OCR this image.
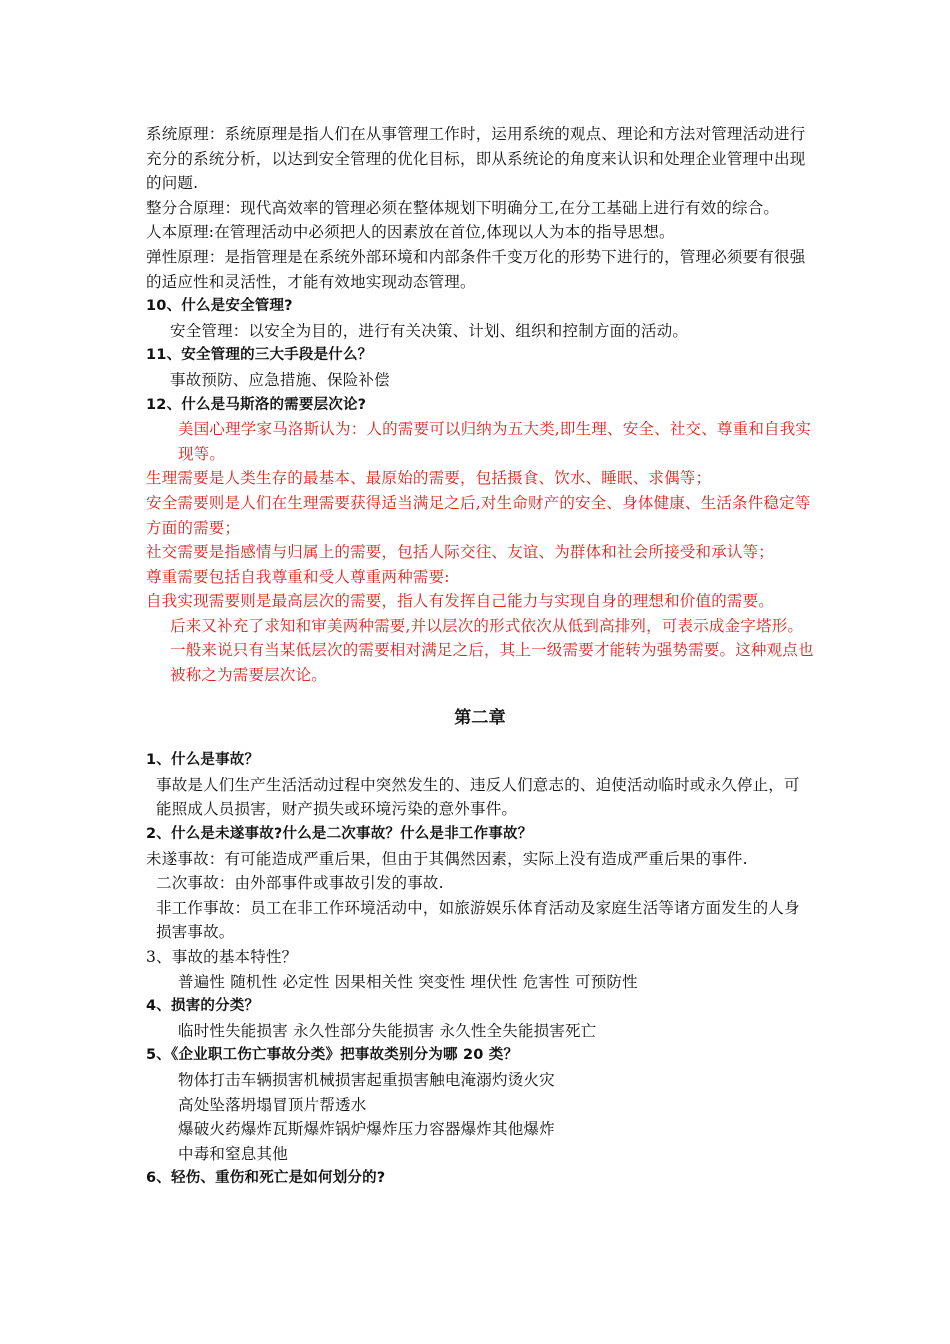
系统原理：系统原理是指人们在从事管理工作时，运用系统的观点、理论和方法对管理活动进行充分的系统分析，以达到安全管理的优化目标，即从系统论的角度来认识和处理企业管理中出现的问题.

整分合原理：现代高效率的管理必须在整体规划下明确分工,在分工基础上进行有效的综合。

人本原理:在管理活动中必须把人的因素放在首位,体现以人为本的指导思想。

弹性原理：是指管理是在系统外部环境和内部条件千变万化的形势下进行的，管理必须要有很强的适应性和灵活性，才能有效地实现动态管理。

10、什么是安全管理?

安全管理：以安全为目的，进行有关决策、计划、组织和控制方面的活动。

11、安全管理的三大手段是什么？

事故预防、应急措施、保险补偿

12、什么是马斯洛的需要层次论?

美国心理学家马洛斯认为：人的需要可以归纳为五大类,即生理、安全、社交、尊重和自我实现等。

生理需要是人类生存的最基本、最原始的需要，包括摄食、饮水、睡眠、求偶等；

安全需要则是人们在生理需要获得适当满足之后,对生命财产的安全、身体健康、生活条件稳定等方面的需要；

社交需要是指感情与归属上的需要，包括人际交往、友谊、为群体和社会所接受和承认等；

尊重需要包括自我尊重和受人尊重两种需要:

自我实现需要则是最高层次的需要，指人有发挥自己能力与实现自身的理想和价值的需要。

后来又补充了求知和审美两种需要,并以层次的形式依次从低到高排列，可表示成金字塔形。一般来说只有当某低层次的需要相对满足之后，其上一级需要才能转为强势需要。这种观点也被称之为需要层次论。

第二章

1、什么是事故？

事故是人们生产生活活动过程中突然发生的、违反人们意志的、迫使活动临时或永久停止，可能照成人员损害，财产损失或环境污染的意外事件。

2、什么是未遂事故?什么是二次事故？什么是非工作事故？

未遂事故：有可能造成严重后果，但由于其偶然因素，实际上没有造成严重后果的事件.

二次事故：由外部事件或事故引发的事故.

非工作事故：员工在非工作环境活动中，如旅游娱乐体育活动及家庭生活等诸方面发生的人身损害事故。

3、事故的基本特性？

普遍性 随机性 必定性 因果相关性 突变性 埋伏性 危害性 可预防性

4、损害的分类？

临时性失能损害 永久性部分失能损害 永久性全失能损害死亡

5、《企业职工伤亡事故分类》把事故类别分为哪 20 类？

物体打击车辆损害机械损害起重损害触电淹溺灼烫火灾

高处坠落坍塌冒顶片帮透水

爆破火药爆炸瓦斯爆炸锅炉爆炸压力容器爆炸其他爆炸

中毒和窒息其他

6、轻伤、重伤和死亡是如何划分的?
